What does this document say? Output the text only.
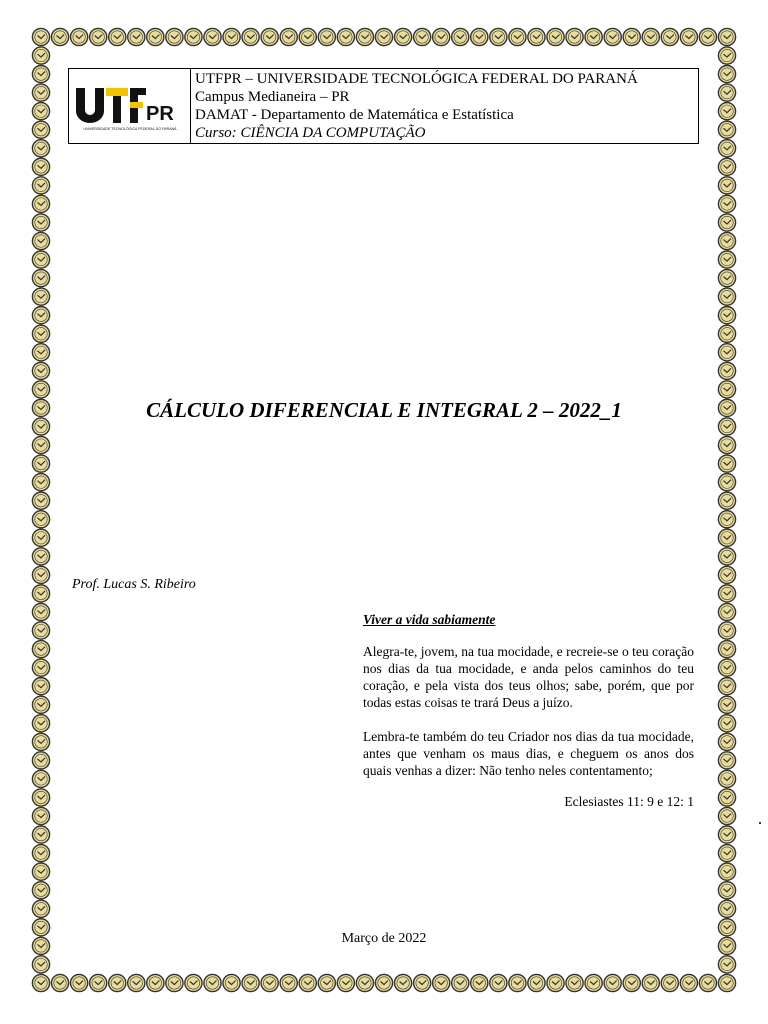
PR
UNIVERSIDADE TECNOLÓGICA FEDERAL DO PARANÁ
UTFPR – UNIVERSIDADE TECNOLÓGICA FEDERAL DO PARANÁ
Campus Medianeira – PR
DAMAT - Departamento de Matemática e Estatística
Curso: CIÊNCIA DA COMPUTAÇÃO
CÁLCULO DIFERENCIAL E INTEGRAL 2 – 2022_1
Prof. Lucas S. Ribeiro
Viver a vida sabiamente

Alegra-te, jovem, na tua mocidade, e recreie-se o teu coração nos dias da tua mocidade, e anda pelos caminhos do teu coração, e pela vista dos teus olhos; sabe, porém, que por todas estas coisas te trará Deus a juízo.

Lembra-te também do teu Criador nos dias da tua mocidade, antes que venham os maus dias, e cheguem os anos dos quais venhas a dizer: Não tenho neles contentamento;

Eclesiastes 11: 9 e 12: 1
Março de 2022
